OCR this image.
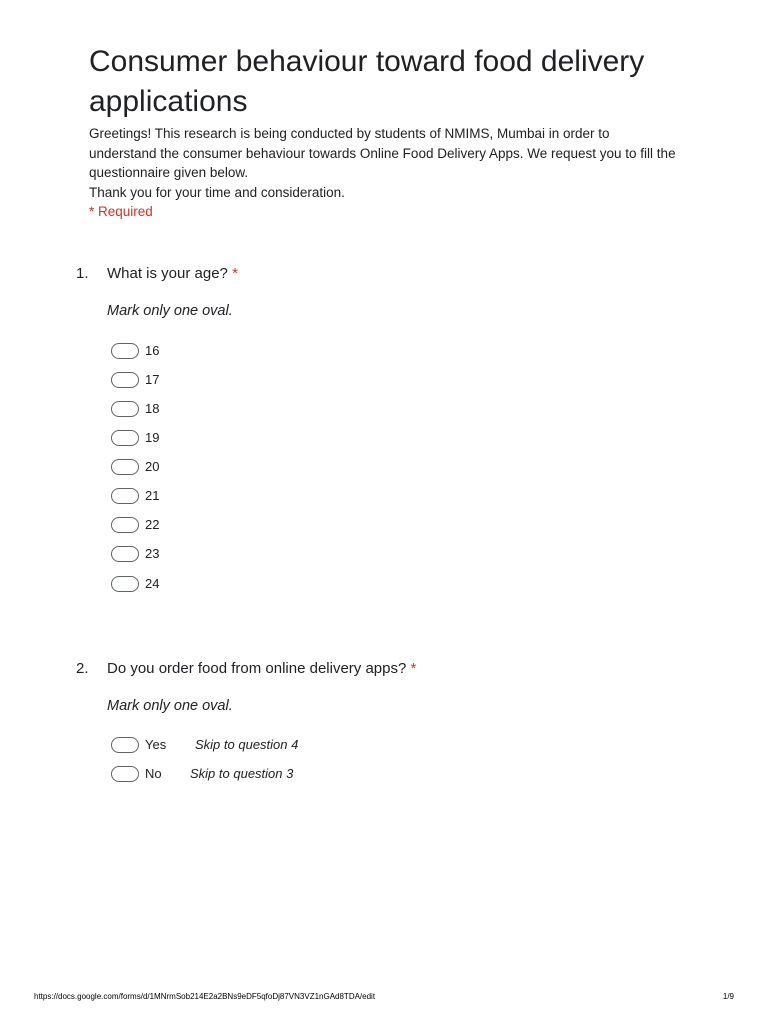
Consumer behaviour toward food delivery applications

Greetings! This research is being conducted by students of NMIMS, Mumbai in order to understand the consumer behaviour towards Online Food Delivery Apps. We request you to fill the questionnaire given below.

Thank you for your time and consideration.

* Required

1. What is your age? *
Mark only one oval.
16
17
18
19
20
21
22
23
24
2. Do you order food from online delivery apps? *
Mark only one oval.
Yes	Skip to question 4
No	Skip to question 3
https://docs.google.com/forms/d/1MNrmSob214E2a2BNs9eDF5qfoDj87VN3VZ1nGAd8TDA/edit	1/9
